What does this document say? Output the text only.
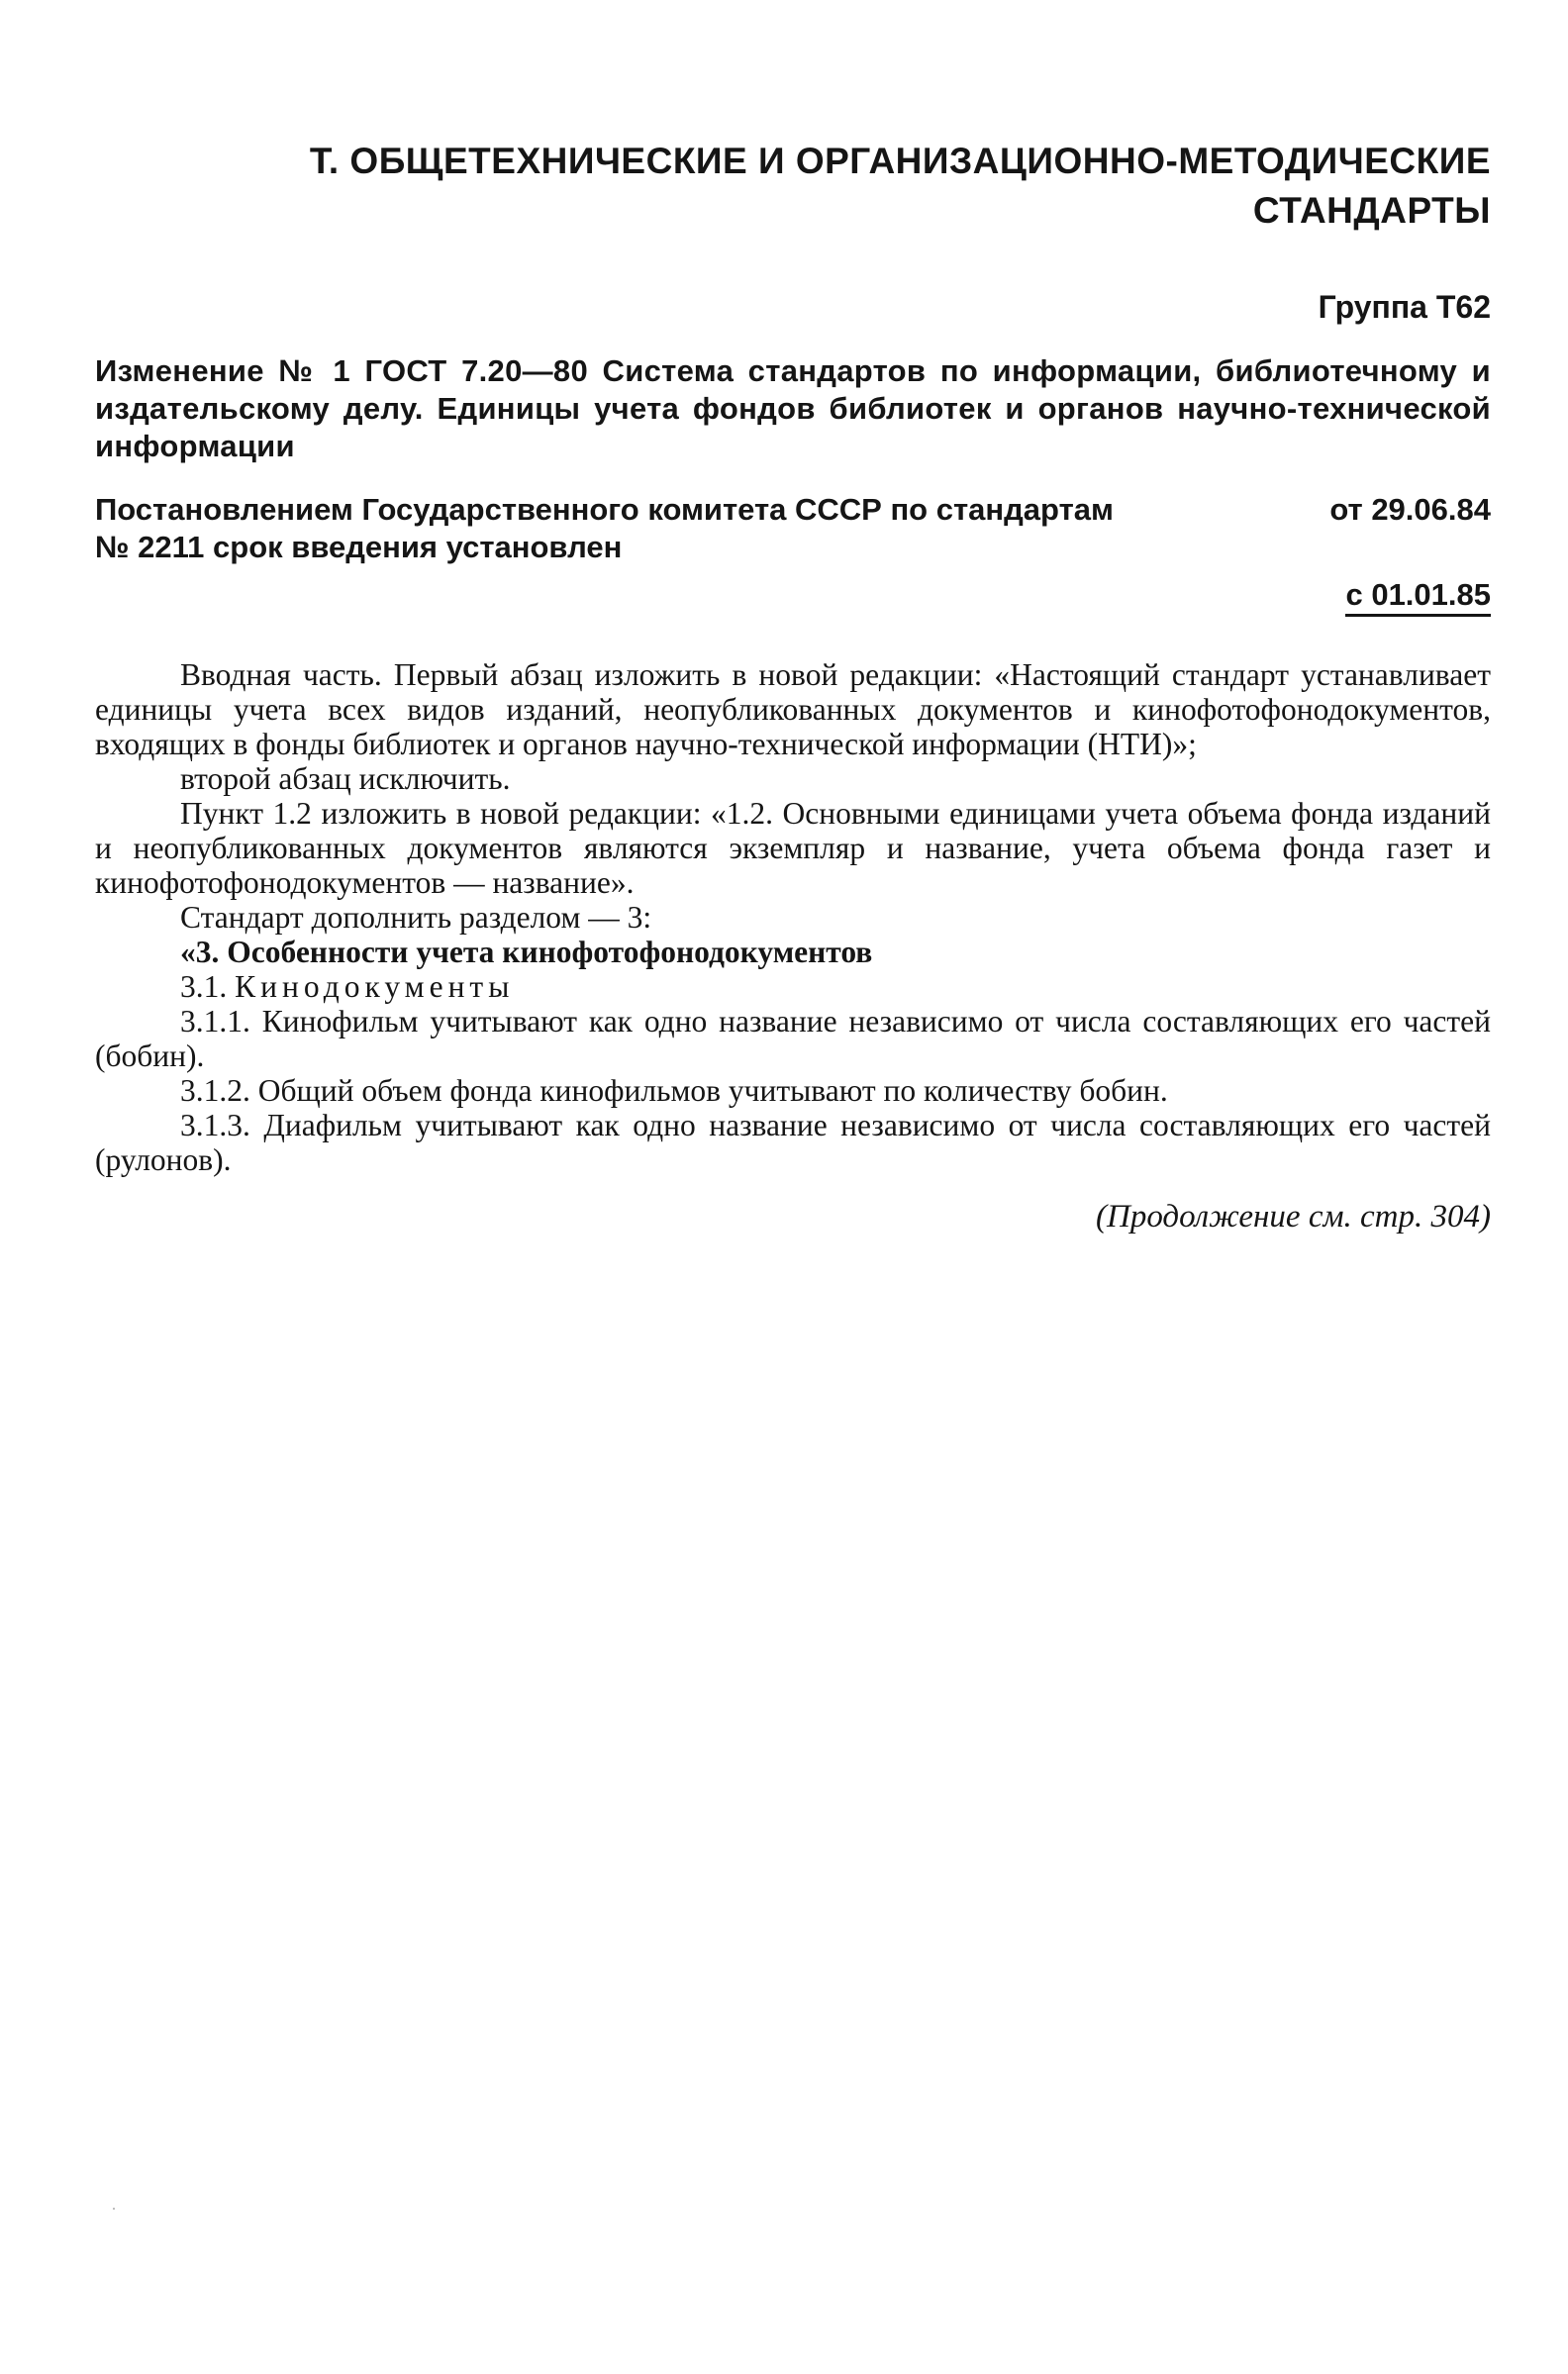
Т. ОБЩЕТЕХНИЧЕСКИЕ И ОРГАНИЗАЦИОННО-МЕТОДИЧЕСКИЕ
СТАНДАРТЫ
Группа Т62
Изменение № 1 ГОСТ 7.20—80 Система стандартов по информации, библиотечному и издательскому делу. Единицы учета фондов библиотек и органов научно-технической информации
Постановлением Государственного комитета СССР по стандартам	от 29.06.84
№ 2211 срок введения установлен
с 01.01.85

Вводная часть. Первый абзац изложить в новой редакции: «Настоящий стандарт устанавливает единицы учета всех видов изданий, неопубликованных документов и кинофотофонодокументов, входящих в фонды библиотек и органов научно-технической информации (НТИ)»;

второй абзац исключить.

Пункт 1.2 изложить в новой редакции: «1.2. Основными единицами учета объема фонда изданий и неопубликованных документов являются экземпляр и название, учета объема фонда газет и кинофотофонодокументов — название».

Стандарт дополнить разделом — 3:

«3. Особенности учета кинофотофонодокументов

3.1. Кинодокументы

3.1.1. Кинофильм учитывают как одно название независимо от числа составляющих его частей (бобин).

3.1.2. Общий объем фонда кинофильмов учитывают по количеству бобин.

3.1.3. Диафильм учитывают как одно название независимо от числа составляющих его частей (рулонов).

(Продолжение см. стр. 304)
